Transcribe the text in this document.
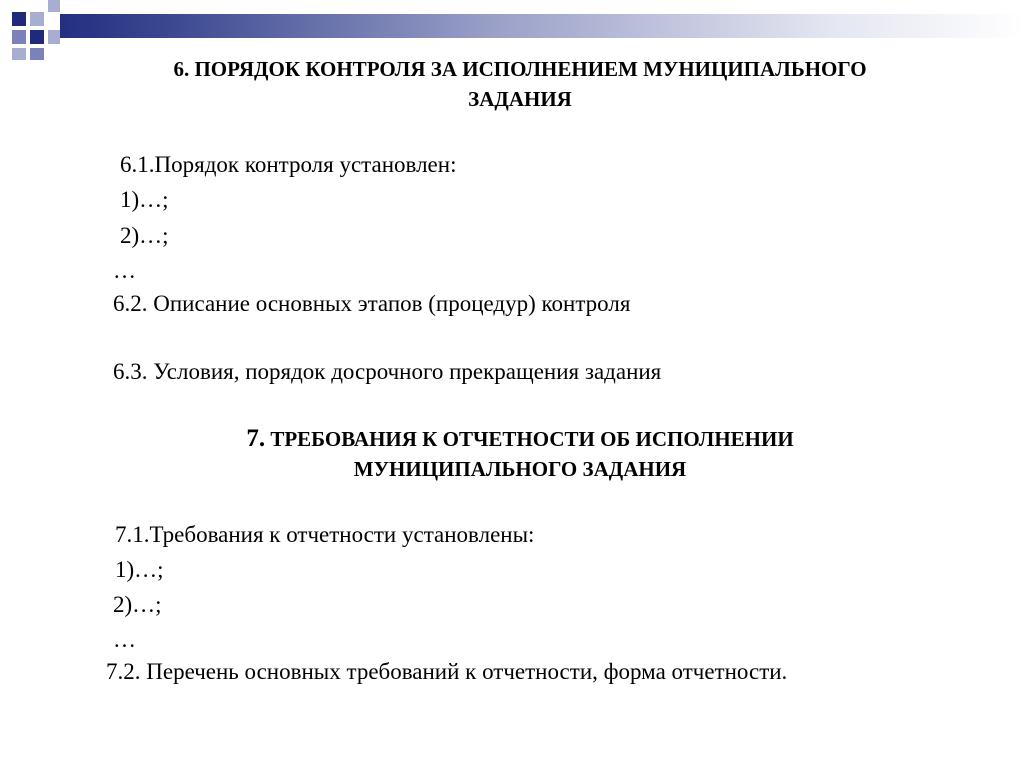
6. ПОРЯДОК КОНТРОЛЯ ЗА ИСПОЛНЕНИЕМ МУНИЦИПАЛЬНОГО
ЗАДАНИЯ
6.1.Порядок контроля установлен:
1)…;
2)…;
…
6.2. Описание основных этапов (процедур) контроля
6.3. Условия, порядок досрочного прекращения задания
7. ТРЕБОВАНИЯ К ОТЧЕТНОСТИ ОБ ИСПОЛНЕНИИ
МУНИЦИПАЛЬНОГО ЗАДАНИЯ
7.1.Требования к отчетности установлены:
1)…;
2)…;
…
7.2. Перечень основных требований к отчетности, форма отчетности.
